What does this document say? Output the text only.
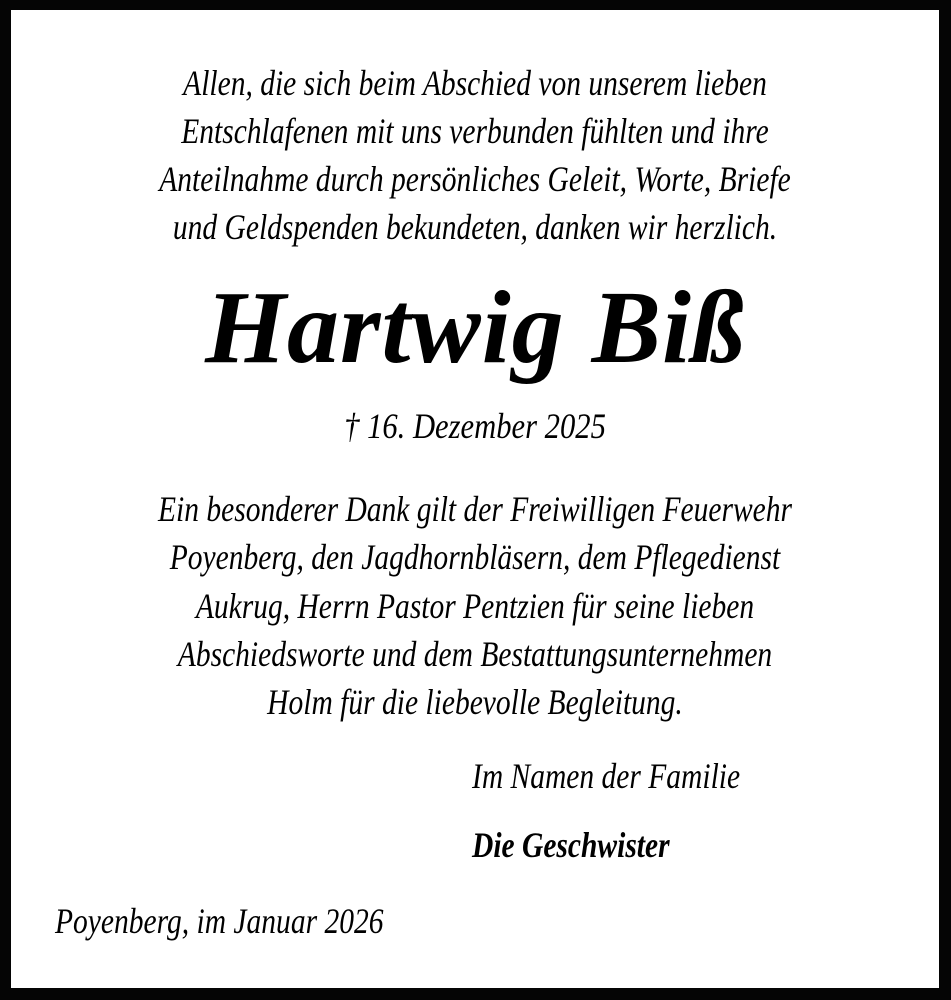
Allen, die sich beim Abschied von unserem lieben
Entschlafenen mit uns verbunden fühlten und ihre
Anteilnahme durch persönliches Geleit, Worte, Briefe
und Geldspenden bekundeten, danken wir herzlich.
Hartwig Biß
† 16. Dezember 2025
Ein besonderer Dank gilt der Freiwilligen Feuerwehr
Poyenberg, den Jagdhornbläsern, dem Pflegedienst
Aukrug, Herrn Pastor Pentzien für seine lieben
Abschiedsworte und dem Bestattungsunternehmen
Holm für die liebevolle Begleitung.
Im Namen der Familie
Die Geschwister
Poyenberg, im Januar 2026
